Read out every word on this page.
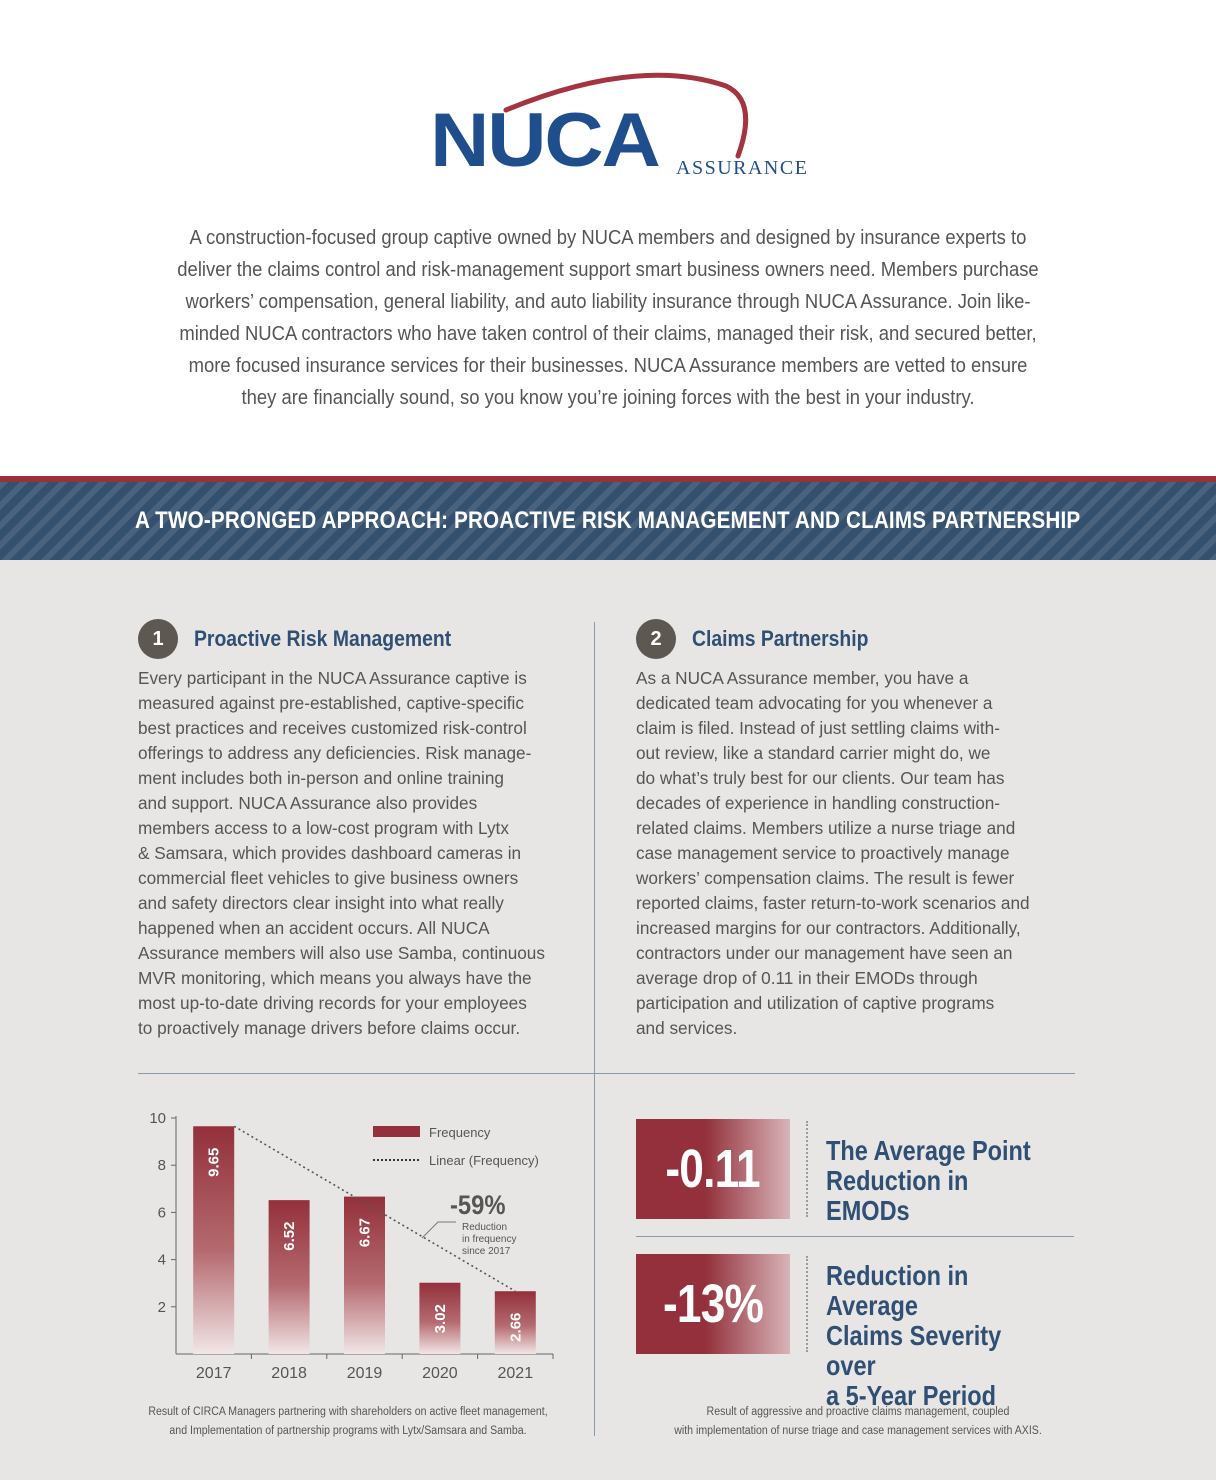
NUCA ASSURANCE
A construction-focused group captive owned by NUCA members and designed by insurance experts to deliver the claims control and risk-management support smart business owners need. Members purchase workers’ compensation, general liability, and auto liability insurance through NUCA Assurance. Join like-minded NUCA contractors who have taken control of their claims, managed their risk, and secured better, more focused insurance services for their businesses. NUCA Assurance members are vetted to ensure they are financially sound, so you know you’re joining forces with the best in your industry.
A TWO-PRONGED APPROACH: PROACTIVE RISK MANAGEMENT AND CLAIMS PARTNERSHIP
1	Proactive Risk Management

Every participant in the NUCA Assurance captive is
measured against pre-established, captive-specific
best practices and receives customized risk-control
offerings to address any deficiencies. Risk manage-
ment includes both in-person and online training
and support. NUCA Assurance also provides
members access to a low-cost program with Lytx
& Samsara, which provides dashboard cameras in
commercial fleet vehicles to give business owners
and safety directors clear insight into what really
happened when an accident occurs. All NUCA
Assurance members will also use Samba, continuous
MVR monitoring, which means you always have the
most up-to-date driving records for your employees
to proactively manage drivers before claims occur.

2	Claims Partnership

As a NUCA Assurance member, you have a
dedicated team advocating for you whenever a
claim is filed. Instead of just settling claims with-
out review, like a standard carrier might do, we
do what’s truly best for our clients. Our team has
decades of experience in handling construction-
related claims. Members utilize a nurse triage and
case management service to proactively manage
workers’ compensation claims. The result is fewer
reported claims, faster return-to-work scenarios and
increased margins for our contractors. Additionally,
contractors under our management have seen an
average drop of 0.11 in their EMODs through
participation and utilization of captive programs
and services.

2
4
6
8
10
2017 2018 2019 2020 2021
9.65
6.52	6.67
3.02	2.66
Frequency
Linear (Frequency)
-59%
Reduction
in frequency
since 2017
Result of CIRCA Managers partnering with shareholders on active fleet management,
and Implementation of partnership programs with Lytx/Samsara and Samba.
Result of aggressive and proactive claims management, coupled
with implementation of nurse triage and case management services with AXIS.
-0.11 The Average Point
Reduction in EMODs
-13% Reduction in Average
Claims Severity over
a 5-Year Period
